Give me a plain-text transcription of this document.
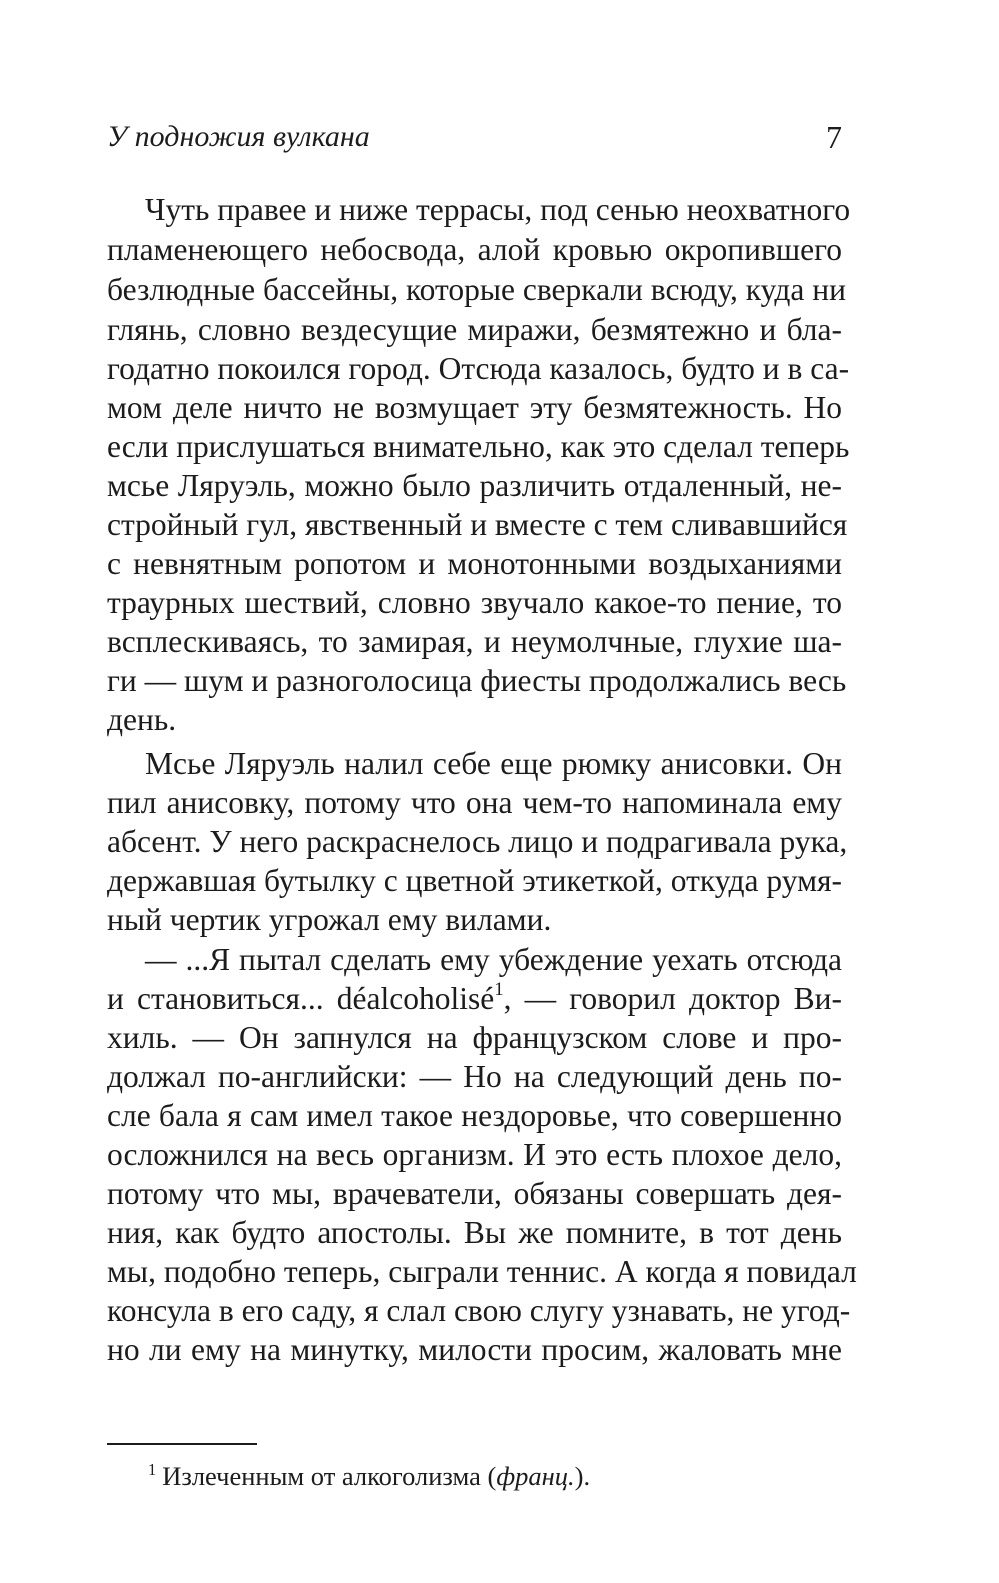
У подножия вулкана	7
Чуть правее и ниже террасы, под сенью неохватного
пламенеющего небосвода, алой кровью окропившего
безлюдные бассейны, которые сверкали всюду, куда ни
глянь, словно вездесущие миражи, безмятежно и бла-
годатно покоился город. Отсюда казалось, будто и в са-
мом деле ничто не возмущает эту безмятежность. Но
если прислушаться внимательно, как это сделал теперь
мсье Ляруэль, можно было различить отдаленный, не-
стройный гул, явственный и вместе с тем сливавшийся
с невнятным ропотом и монотонными воздыханиями
траурных шествий, словно звучало какое-то пение, то
всплескиваясь, то замирая, и неумолчные, глухие ша-
ги — шум и разноголосица фиесты продолжались весь
день.
Мсье Ляруэль налил себе еще рюмку анисовки. Он
пил анисовку, потому что она чем-то напоминала ему
абсент. У него раскраснелось лицо и подрагивала рука,
державшая бутылку с цветной этикеткой, откуда румя-
ный чертик угрожал ему вилами.
— ...Я пытал сделать ему убеждение уехать отсюда
и становиться... déalcoholisé$^1$, — говорил доктор Ви-
хиль. — Он запнулся на французском слове и про-
должал по-английски: — Но на следующий день по-
сле бала я сам имел такое нездоровье, что совершенно
осложнился на весь организм. И это есть плохое дело,
потому что мы, врачеватели, обязаны совершать дея-
ния, как будто апостолы. Вы же помните, в тот день
мы, подобно теперь, сыграли теннис. А когда я повидал
консула в его саду, я слал свою слугу узнавать, не угод-
но ли ему на минутку, милости просим, жаловать мне
$^1$ Излеченным от алкоголизма (франц.).
